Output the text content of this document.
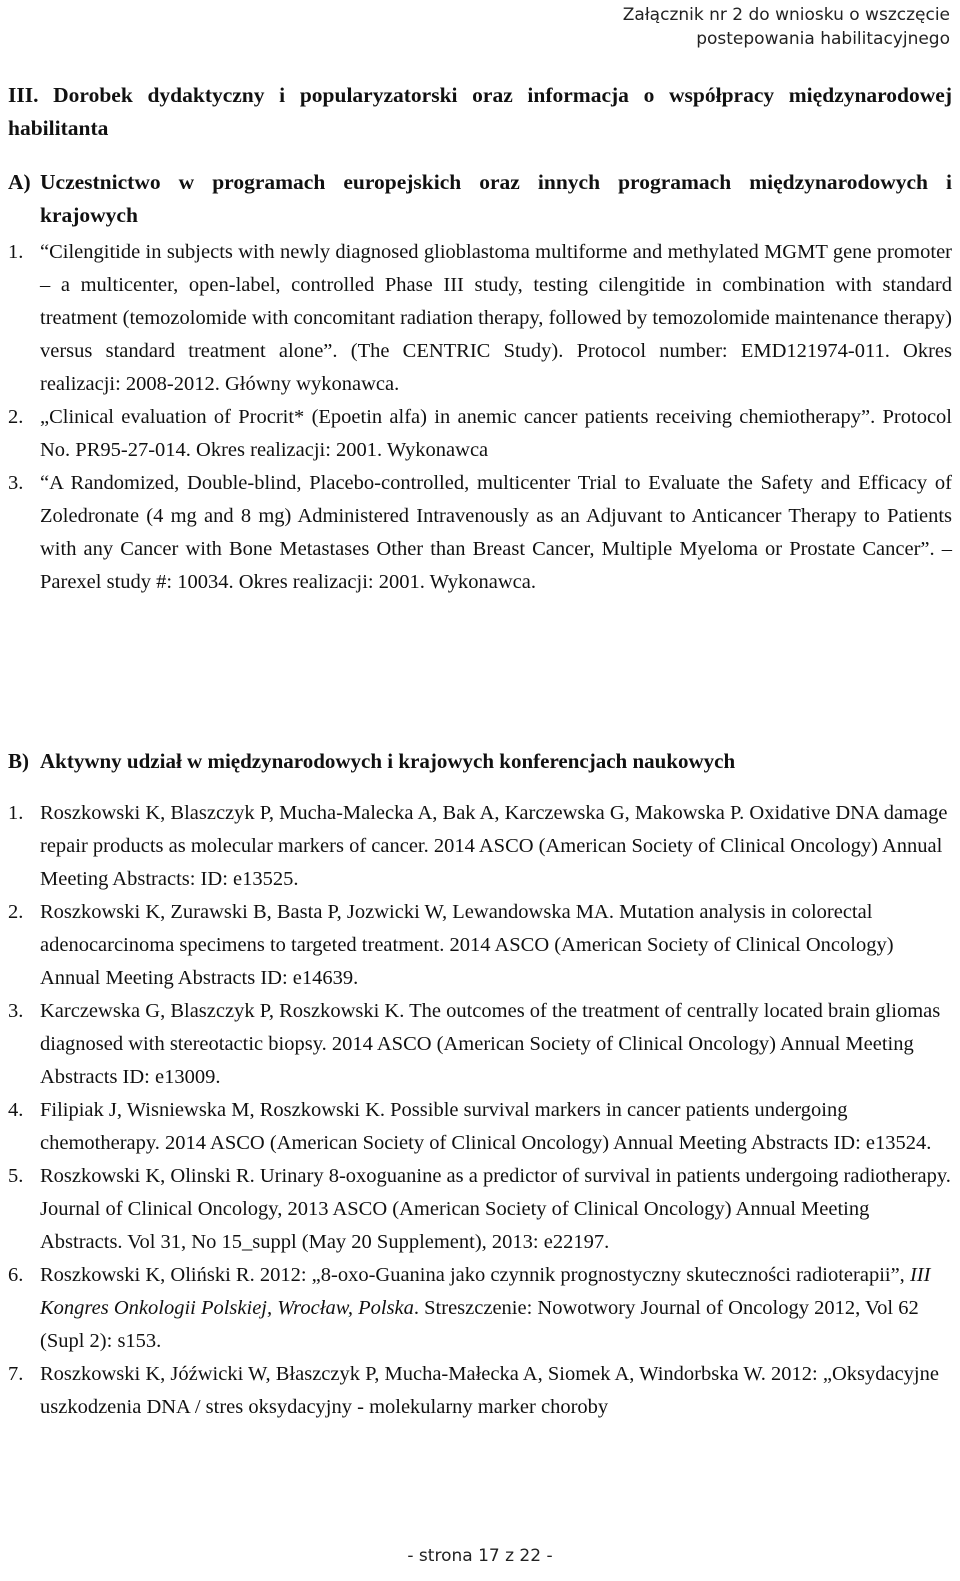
Załącznik nr 2 do wniosku o wszczęcie
postepowania habilitacyjnego
III. Dorobek dydaktyczny i popularyzatorski oraz informacja o współpracy międzynarodowej habilitanta
A) Uczestnictwo w programach europejskich oraz innych programach międzynarodowych i krajowych
1. “Cilengitide in subjects with newly diagnosed glioblastoma multiforme and methylated MGMT gene promoter – a multicenter, open-label, controlled Phase III study, testing cilengitide in combination with standard treatment (temozolomide with concomitant radiation therapy, followed by temozolomide maintenance therapy) versus standard treatment alone”. (The CENTRIC Study). Protocol number: EMD121974-011. Okres realizacji: 2008-2012. Główny wykonawca.
2. „Clinical evaluation of Procrit* (Epoetin alfa) in anemic cancer patients receiving chemiotherapy”. Protocol No. PR95-27-014. Okres realizacji: 2001. Wykonawca
3. “A Randomized, Double-blind, Placebo-controlled, multicenter Trial to Evaluate the Safety and Efficacy of Zoledronate (4 mg and 8 mg) Administered Intravenously as an Adjuvant to Anticancer Therapy to Patients with any Cancer with Bone Metastases Other than Breast Cancer, Multiple Myeloma or Prostate Cancer”. – Parexel study #: 10034. Okres realizacji: 2001. Wykonawca.
B) Aktywny udział w międzynarodowych i krajowych konferencjach naukowych
1. Roszkowski K, Blaszczyk P, Mucha-Malecka A, Bak A, Karczewska G, Makowska P. Oxidative DNA damage repair products as molecular markers of cancer. 2014 ASCO (American Society of Clinical Oncology) Annual Meeting Abstracts: ID: e13525.
2. Roszkowski K, Zurawski B, Basta P, Jozwicki W, Lewandowska MA. Mutation analysis in colorectal adenocarcinoma specimens to targeted treatment. 2014 ASCO (American Society of Clinical Oncology) Annual Meeting Abstracts ID: e14639.
3. Karczewska G, Blaszczyk P, Roszkowski K. The outcomes of the treatment of centrally located brain gliomas diagnosed with stereotactic biopsy. 2014 ASCO (American Society of Clinical Oncology) Annual Meeting Abstracts ID: e13009.
4. Filipiak J, Wisniewska M, Roszkowski K. Possible survival markers in cancer patients undergoing chemotherapy. 2014 ASCO (American Society of Clinical Oncology) Annual Meeting Abstracts ID: e13524.
5. Roszkowski K, Olinski R. Urinary 8-oxoguanine as a predictor of survival in patients undergoing radiotherapy. Journal of Clinical Oncology, 2013 ASCO (American Society of Clinical Oncology) Annual Meeting Abstracts. Vol 31, No 15_suppl (May 20 Supplement), 2013: e22197.
6. Roszkowski K, Oliński R. 2012: „8-oxo-Guanina jako czynnik prognostyczny skuteczności radioterapii”, III Kongres Onkologii Polskiej, Wrocław, Polska. Streszczenie: Nowotwory Journal of Oncology 2012, Vol 62 (Supl 2): s153.
7. Roszkowski K, Jóźwicki W, Błaszczyk P, Mucha-Małecka A, Siomek A, Windorbska W. 2012: „Oksydacyjne uszkodzenia DNA / stres oksydacyjny - molekularny marker choroby
- strona 17 z 22 -
